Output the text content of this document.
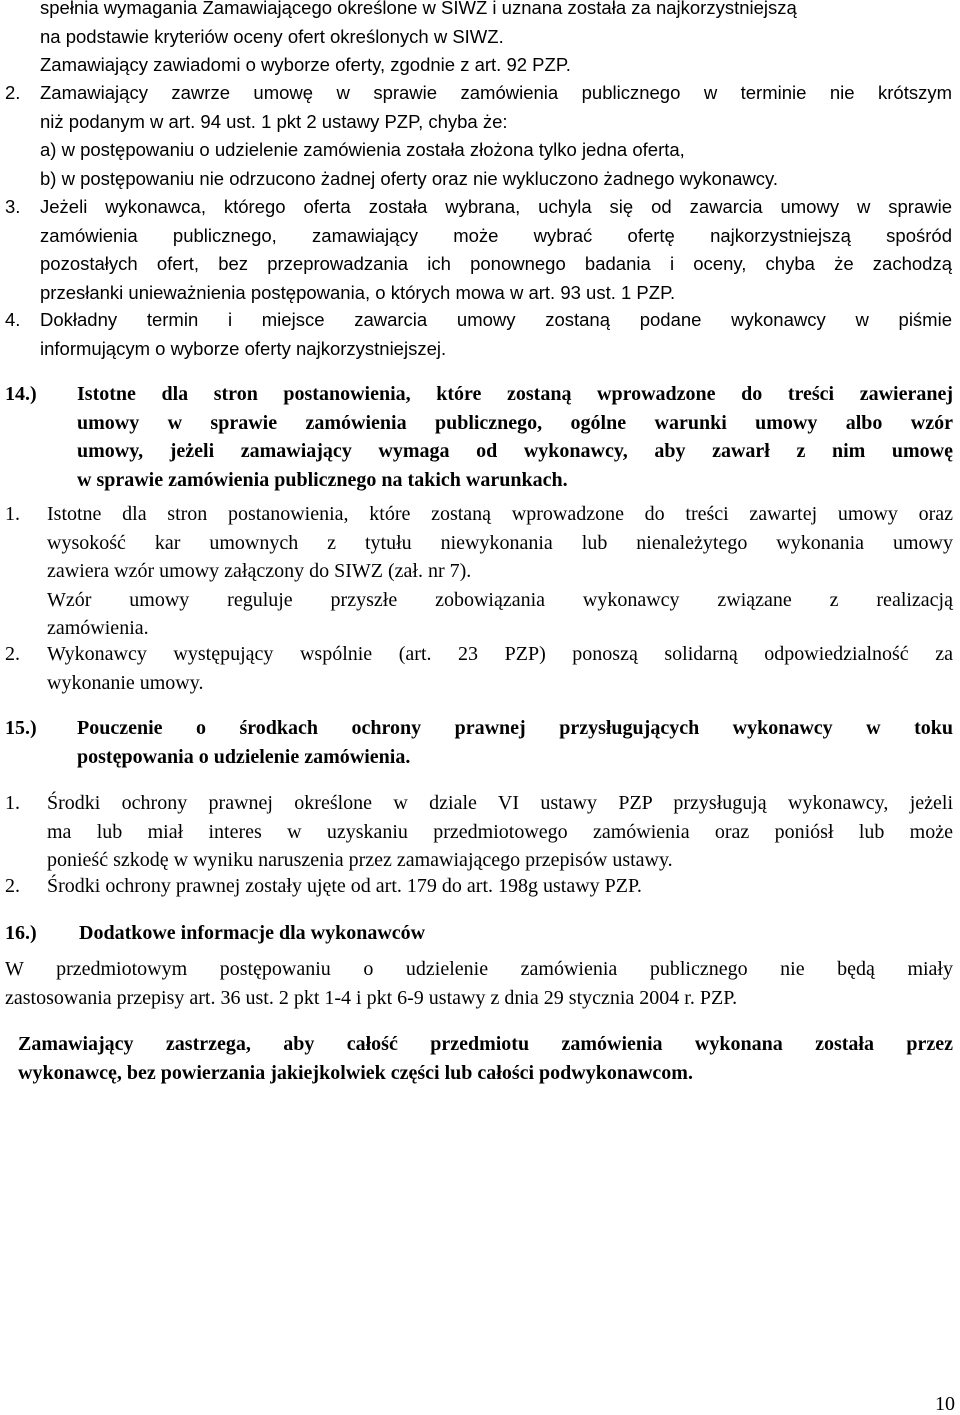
spełnia wymagania Zamawiającego określone w SIWZ i uznana została za najkorzystniejszą
na podstawie kryteriów oceny ofert określonych w SIWZ.
Zamawiający zawiadomi o wyborze oferty, zgodnie z art. 92 PZP.
2. Zamawiający zawrze umowę w sprawie zamówienia publicznego w terminie nie krótszym
niż podanym w art. 94 ust. 1 pkt 2 ustawy PZP, chyba że:
a) w postępowaniu o udzielenie zamówienia została złożona tylko jedna oferta,
b) w postępowaniu nie odrzucono żadnej oferty oraz nie wykluczono żadnego wykonawcy.
3. Jeżeli wykonawca, którego oferta została wybrana, uchyla się od zawarcia umowy w sprawie
zamówienia publicznego, zamawiający może wybrać ofertę najkorzystniejszą spośród
pozostałych ofert, bez przeprowadzania ich ponownego badania i oceny, chyba że zachodzą
przesłanki unieważnienia postępowania, o których mowa w art. 93 ust. 1 PZP.
4. Dokładny termin i miejsce zawarcia umowy zostaną podane wykonawcy w piśmie
informującym o wyborze oferty najkorzystniejszej.
14.) Istotne dla stron postanowienia, które zostaną wprowadzone do treści zawieranej
umowy w sprawie zamówienia publicznego, ogólne warunki umowy albo wzór
umowy, jeżeli zamawiający wymaga od wykonawcy, aby zawarł z nim umowę
w sprawie zamówienia publicznego na takich warunkach.
1. Istotne dla stron postanowienia, które zostaną wprowadzone do treści zawartej umowy oraz
wysokość kar umownych z tytułu niewykonania lub nienależytego wykonania umowy
zawiera wzór umowy załączony do SIWZ (zał. nr 7).
Wzór umowy reguluje przyszłe zobowiązania wykonawcy związane z realizacją
zamówienia.
2. Wykonawcy występujący wspólnie (art. 23 PZP) ponoszą solidarną odpowiedzialność za
wykonanie umowy.
15.) Pouczenie o środkach ochrony prawnej przysługujących wykonawcy w toku
postępowania o udzielenie zamówienia.
1. Środki ochrony prawnej określone w dziale VI ustawy PZP przysługują wykonawcy, jeżeli
ma lub miał interes w uzyskaniu przedmiotowego zamówienia oraz poniósł lub może
ponieść szkodę w wyniku naruszenia przez zamawiającego przepisów ustawy.
2. Środki ochrony prawnej zostały ujęte od art. 179 do art. 198g ustawy PZP.
16.) Dodatkowe informacje dla wykonawców
W przedmiotowym postępowaniu o udzielenie zamówienia publicznego nie będą miały
zastosowania przepisy art. 36 ust. 2 pkt 1-4 i pkt 6-9 ustawy z dnia 29 stycznia 2004 r. PZP.
Zamawiający zastrzega, aby całość przedmiotu zamówienia wykonana została przez
wykonawcę, bez powierzania jakiejkolwiek części lub całości podwykonawcom.
10
